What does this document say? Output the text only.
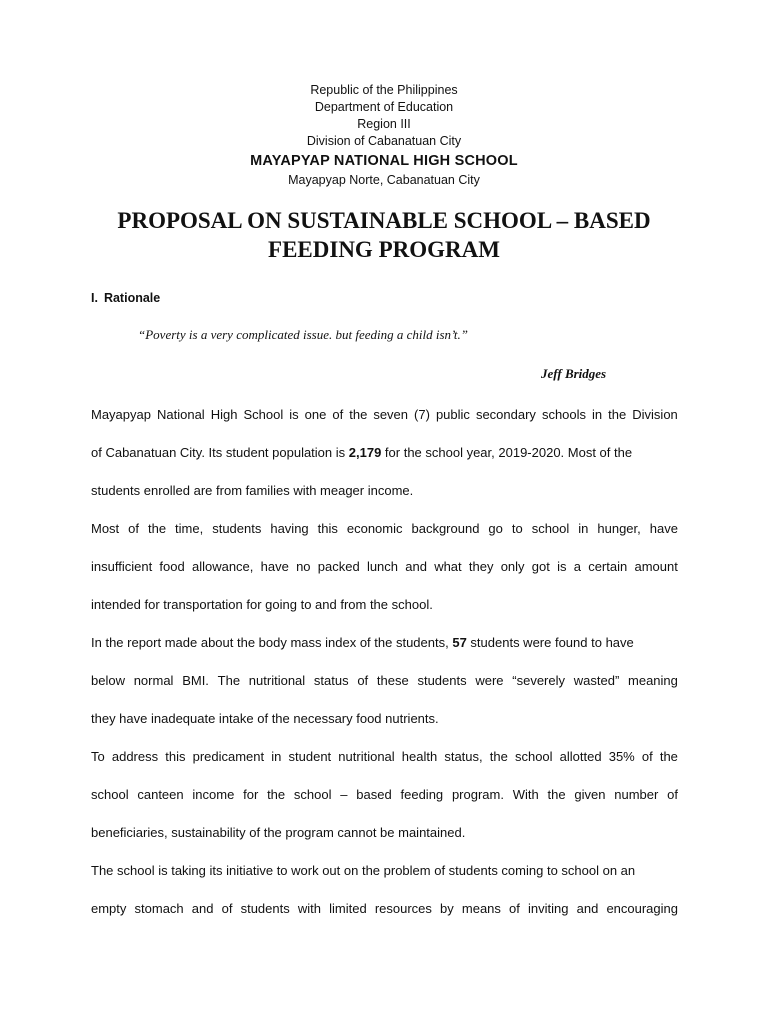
Republic of the Philippines
Department of Education
Region III
Division of Cabanatuan City
MAYAPYAP NATIONAL HIGH SCHOOL
Mayapyap Norte, Cabanatuan City
PROPOSAL ON SUSTAINABLE SCHOOL – BASED
FEEDING PROGRAM
I. Rationale
“Poverty is a very complicated issue. but feeding a child isn’t.”
Jeff Bridges
Mayapyap National High School is one of the seven (7) public secondary schools in the Division
of Cabanatuan City. Its student population is 2,179 for the school year, 2019-2020. Most of the
students enrolled are from families with meager income.
Most of the time, students having this economic background go to school in hunger, have
insufficient food allowance, have no packed lunch and what they only got is a certain amount
intended for transportation for going to and from the school.
In the report made about the body mass index of the students, 57 students were found to have
below normal BMI. The nutritional status of these students were “severely wasted” meaning
they have inadequate intake of the necessary food nutrients.
To address this predicament in student nutritional health status, the school allotted 35% of the
school canteen income for the school – based feeding program. With the given number of
beneficiaries, sustainability of the program cannot be maintained.
The school is taking its initiative to work out on the problem of students coming to school on an
empty stomach and of students with limited resources by means of inviting and encouraging
